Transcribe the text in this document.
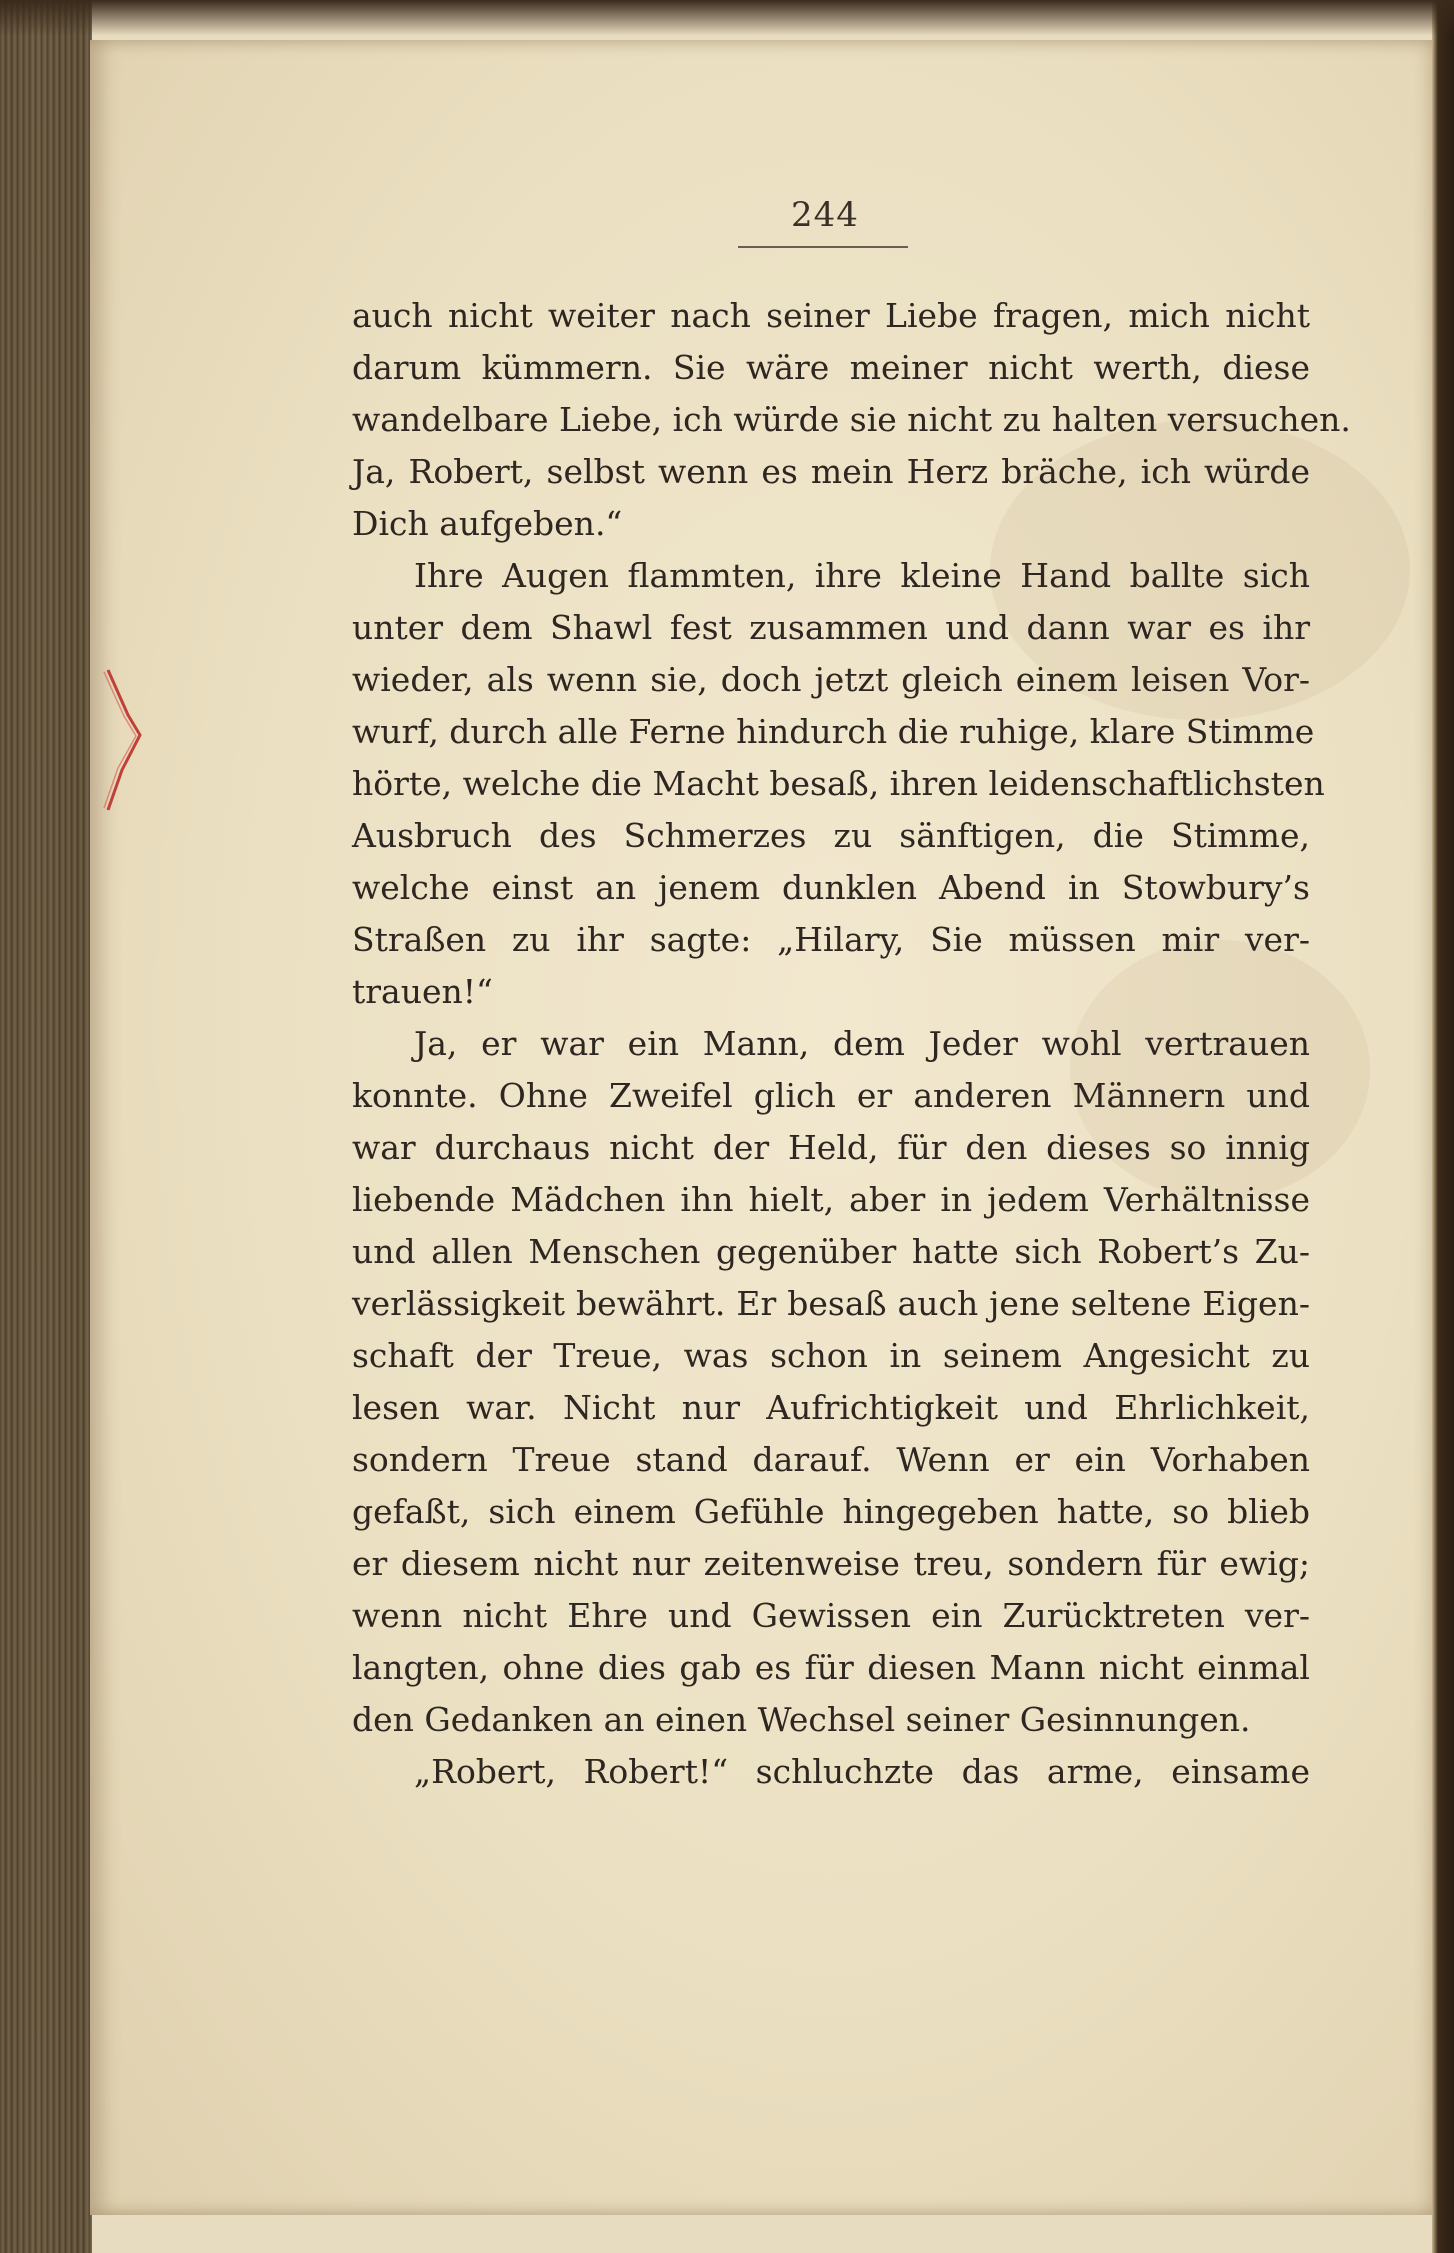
244
auch nicht weiter nach seiner Liebe fragen, mich nicht
darum kümmern. Sie wäre meiner nicht werth, diese
wandelbare Liebe, ich würde sie nicht zu halten versuchen.
Ja, Robert, selbst wenn es mein Herz bräche, ich würde
Dich aufgeben.“
Ihre Augen flammten, ihre kleine Hand ballte sich
unter dem Shawl fest zusammen und dann war es ihr
wieder, als wenn sie, doch jetzt gleich einem leisen Vor-
wurf, durch alle Ferne hindurch die ruhige, klare Stimme
hörte, welche die Macht besaß, ihren leidenschaftlichsten
Ausbruch des Schmerzes zu sänftigen, die Stimme,
welche einst an jenem dunklen Abend in Stowbury’s
Straßen zu ihr sagte: „Hilary, Sie müssen mir ver-
trauen!“
Ja, er war ein Mann, dem Jeder wohl vertrauen
konnte. Ohne Zweifel glich er anderen Männern und
war durchaus nicht der Held, für den dieses so innig
liebende Mädchen ihn hielt, aber in jedem Verhältnisse
und allen Menschen gegenüber hatte sich Robert’s Zu-
verlässigkeit bewährt. Er besaß auch jene seltene Eigen-
schaft der Treue, was schon in seinem Angesicht zu
lesen war. Nicht nur Aufrichtigkeit und Ehrlichkeit,
sondern Treue stand darauf. Wenn er ein Vorhaben
gefaßt, sich einem Gefühle hingegeben hatte, so blieb
er diesem nicht nur zeitenweise treu, sondern für ewig;
wenn nicht Ehre und Gewissen ein Zurücktreten ver-
langten, ohne dies gab es für diesen Mann nicht einmal
den Gedanken an einen Wechsel seiner Gesinnungen.
„Robert, Robert!“ schluchzte das arme, einsame
